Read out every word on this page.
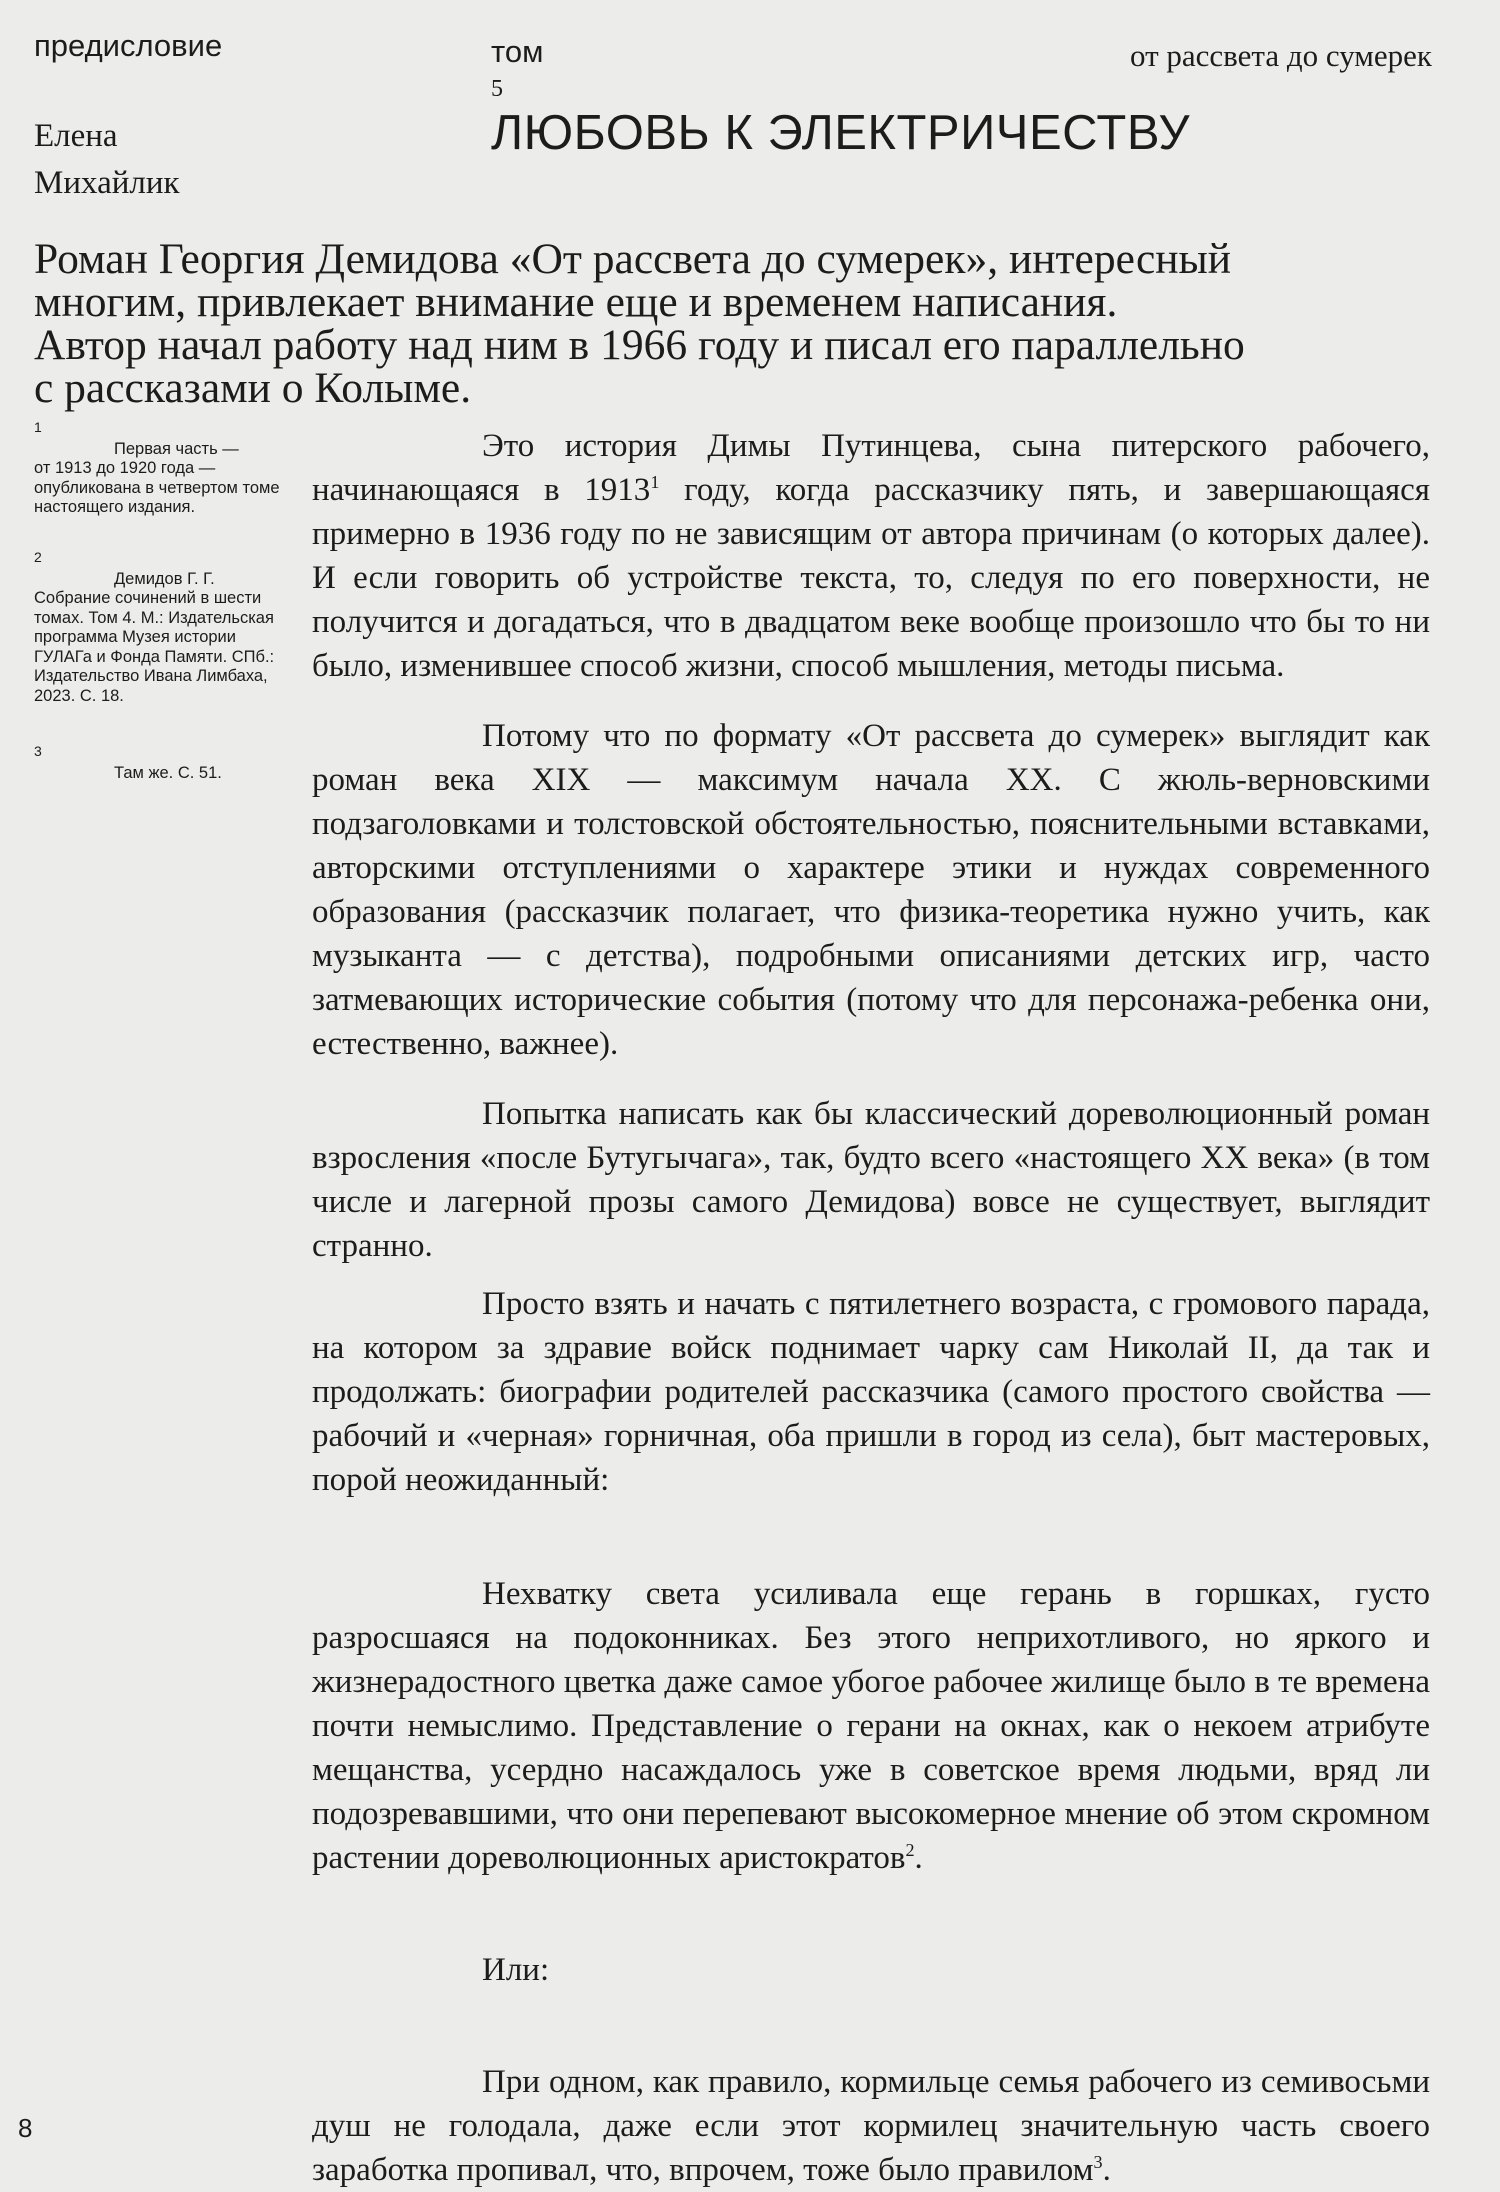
предисловие	том
5
от рассвета до сумерек
Елена
Михайлик
ЛЮБОВЬ К ЭЛЕКТРИЧЕСТВУ
Роман Георгия Демидова «От рассвета до сумерек», интересный
многим, привлекает внимание еще и временем написания.
Автор начал работу над ним в 1966 году и писал его параллельно
с рассказами о Колыме.
1
Первая часть —
от 1913 до 1920 года — опубликована в четвертом томе настоящего издания.
2
Демидов Г. Г.
Собрание сочинений в шести томах. Том 4. М.: Издательская программа Музея истории ГУЛАГа и Фонда Памяти. СПб.: Издательство Ивана Лимбаха, 2023. С. 18.
3
Там же. С. 51.

Это история Димы Путинцева, сына питерского рабочего, начинающаяся в 1913$^1$ году, когда рассказчику пять, и завершающаяся примерно в 1936 году по не зависящим от автора причинам (о которых далее). И если говорить об устройстве текста, то, следуя по его поверхности, не получится и догадаться, что в двадцатом веке вообще произошло что бы то ни было, изменившее способ жизни, способ мышления, методы письма.

Потому что по формату «От рассвета до сумерек» выглядит как роман века XIX — максимум начала XX. С жюль-верновскими подзаголовками и толстовской обстоятельностью, пояснительными вставками, авторскими отступлениями о характере этики и нуждах современного образования (рассказчик полагает, что физика-теоретика нужно учить, как музыканта — с детства), подробными описаниями детских игр, часто затмевающих исторические события (потому что для персонажа-ребенка они, естественно, важнее).

Попытка написать как бы классический дореволюционный роман взросления «после Бутугычага», так, будто всего «настоящего XX века» (в том числе и лагерной прозы самого Демидова) вовсе не существует, выглядит странно.

Просто взять и начать с пятилетнего возраста, с громового парада, на котором за здравие войск поднимает чарку сам Николай II, да так и продолжать: биографии родителей рассказчика (самого простого свойства — рабочий и «черная» горничная, оба пришли в город из села), быт мастеровых, порой неожиданный:

Нехватку света усиливала еще герань в горшках, густо разросшаяся на подоконниках. Без этого неприхотливого, но яркого и жизнерадостного цветка даже самое убогое рабочее жилище было в те времена почти немыслимо. Представление о герани на окнах, как о некоем атрибуте мещанства, усердно насаждалось уже в советское время людьми, вряд ли подозревавшими, что они перепевают высокомерное мнение об этом скромном растении дореволюционных аристократов$^2$.

Или:

При одном, как правило, кормильце семья рабочего из семивосьми душ не голодала, даже если этот кормилец значительную часть своего заработка пропивал, что, впрочем, тоже было правилом$^3$.

8
